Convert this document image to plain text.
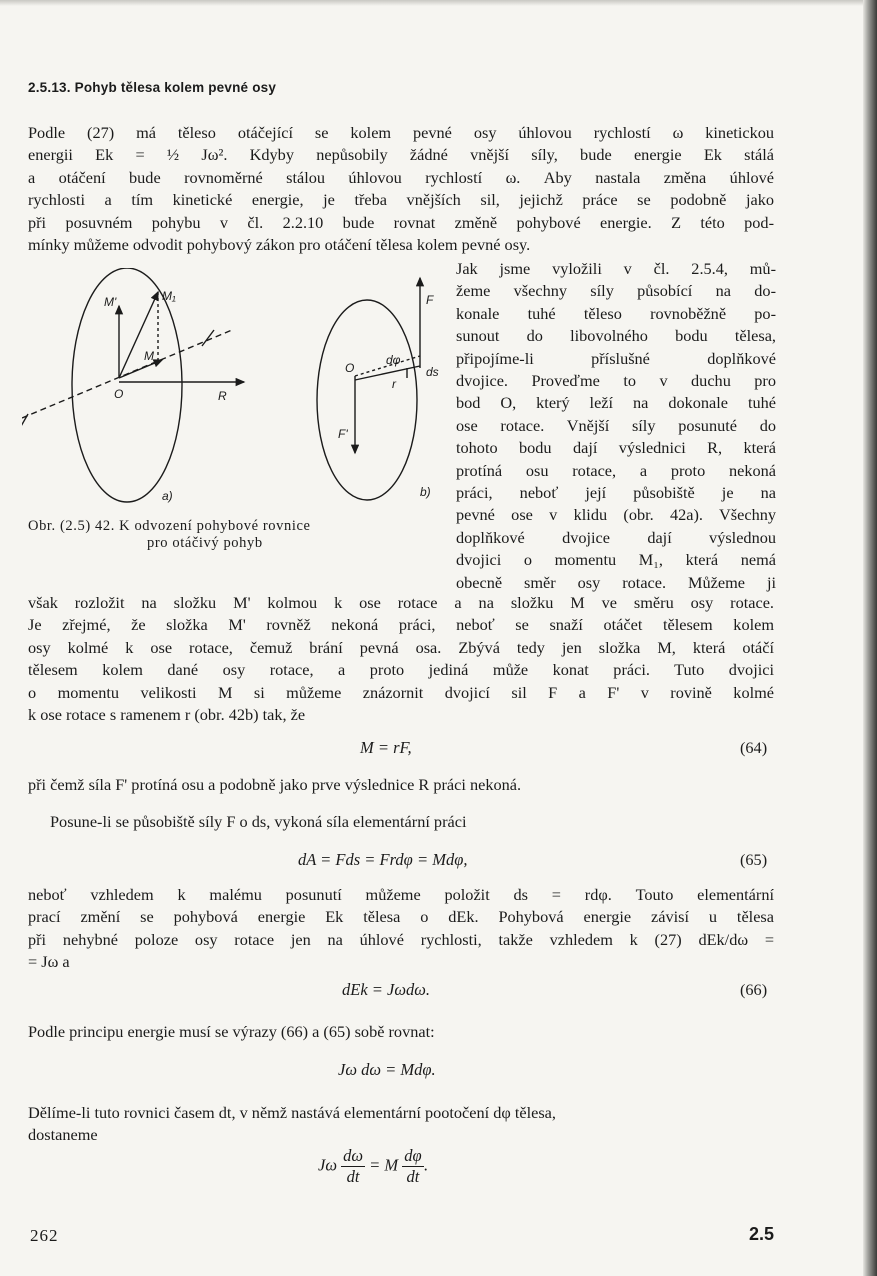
2.5.13. Pohyb tělesa kolem pevné osy
Podle (27) má těleso otáčející se kolem pevné osy úhlovou rychlostí ω kinetickou
energii Ek = ½ Jω². Kdyby nepůsobily žádné vnější síly, bude energie Ek stálá
a otáčení bude rovnoměrné stálou úhlovou rychlostí ω. Aby nastala změna úhlové
rychlosti a tím kinetické energie, je třeba vnějších sil, jejichž práce se podobně jako
při posuvném pohybu v čl. 2.2.10 bude rovnat změně pohybové energie. Z této pod-
mínky můžeme odvodit pohybový zákon pro otáčení tělesa kolem pevné osy.
M'	M₁
M
O	R
a)
F
O
dφ
ds
r
F'
b)
Obr. (2.5) 42. K odvození pohybové rovnice
pro otáčivý pohyb
Jak jsme vyložili v čl. 2.5.4, mů-
žeme všechny síly působící na do-
konale tuhé těleso rovnoběžně po-
sunout do libovolného bodu tělesa,
připojíme-li příslušné doplňkové
dvojice. Proveďme to v duchu pro
bod O, který leží na dokonale tuhé
ose rotace. Vnější síly posunuté do
tohoto bodu dají výslednici R, která
protíná osu rotace, a proto nekoná
práci, neboť její působiště je na
pevné ose v klidu (obr. 42a). Všechny
doplňkové dvojice dají výslednou
dvojici o momentu M₁, která nemá
obecně směr osy rotace. Můžeme ji
však rozložit na složku M' kolmou k ose rotace a na složku M ve směru osy rotace.
Je zřejmé, že složka M' rovněž nekoná práci, neboť se snaží otáčet tělesem kolem
osy kolmé k ose rotace, čemuž brání pevná osa. Zbývá tedy jen složka M, která otáčí
tělesem kolem dané osy rotace, a proto jediná může konat práci. Tuto dvojici
o momentu velikosti M si můžeme znázornit dvojicí sil F a F' v rovině kolmé
k ose rotace s ramenem r (obr. 42b) tak, že
M = rF,	(64)
při čemž síla F' protíná osu a podobně jako prve výslednice R práci nekoná.
Posune-li se působiště síly F o ds, vykoná síla elementární práci
dA = Fds = Frdφ = Mdφ,	(65)
neboť vzhledem k malému posunutí můžeme položit ds = rdφ. Touto elementární
prací změní se pohybová energie Ek tělesa o dEk. Pohybová energie závisí u tělesa
při nehybné poloze osy rotace jen na úhlové rychlosti, takže vzhledem k (27) dEk/dω =
= Jω a
dEk = Jωdω.	(66)
Podle principu energie musí se výrazy (66) a (65) sobě rovnat:
Jω dω = Mdφ.
Dělíme-li tuto rovnici časem dt, v němž nastává elementární pootočení dφ tělesa,
dostaneme
Jω $\frac{d\omega}{dt} = M \frac{d\varphi}{dt}$ .
262	2.5
